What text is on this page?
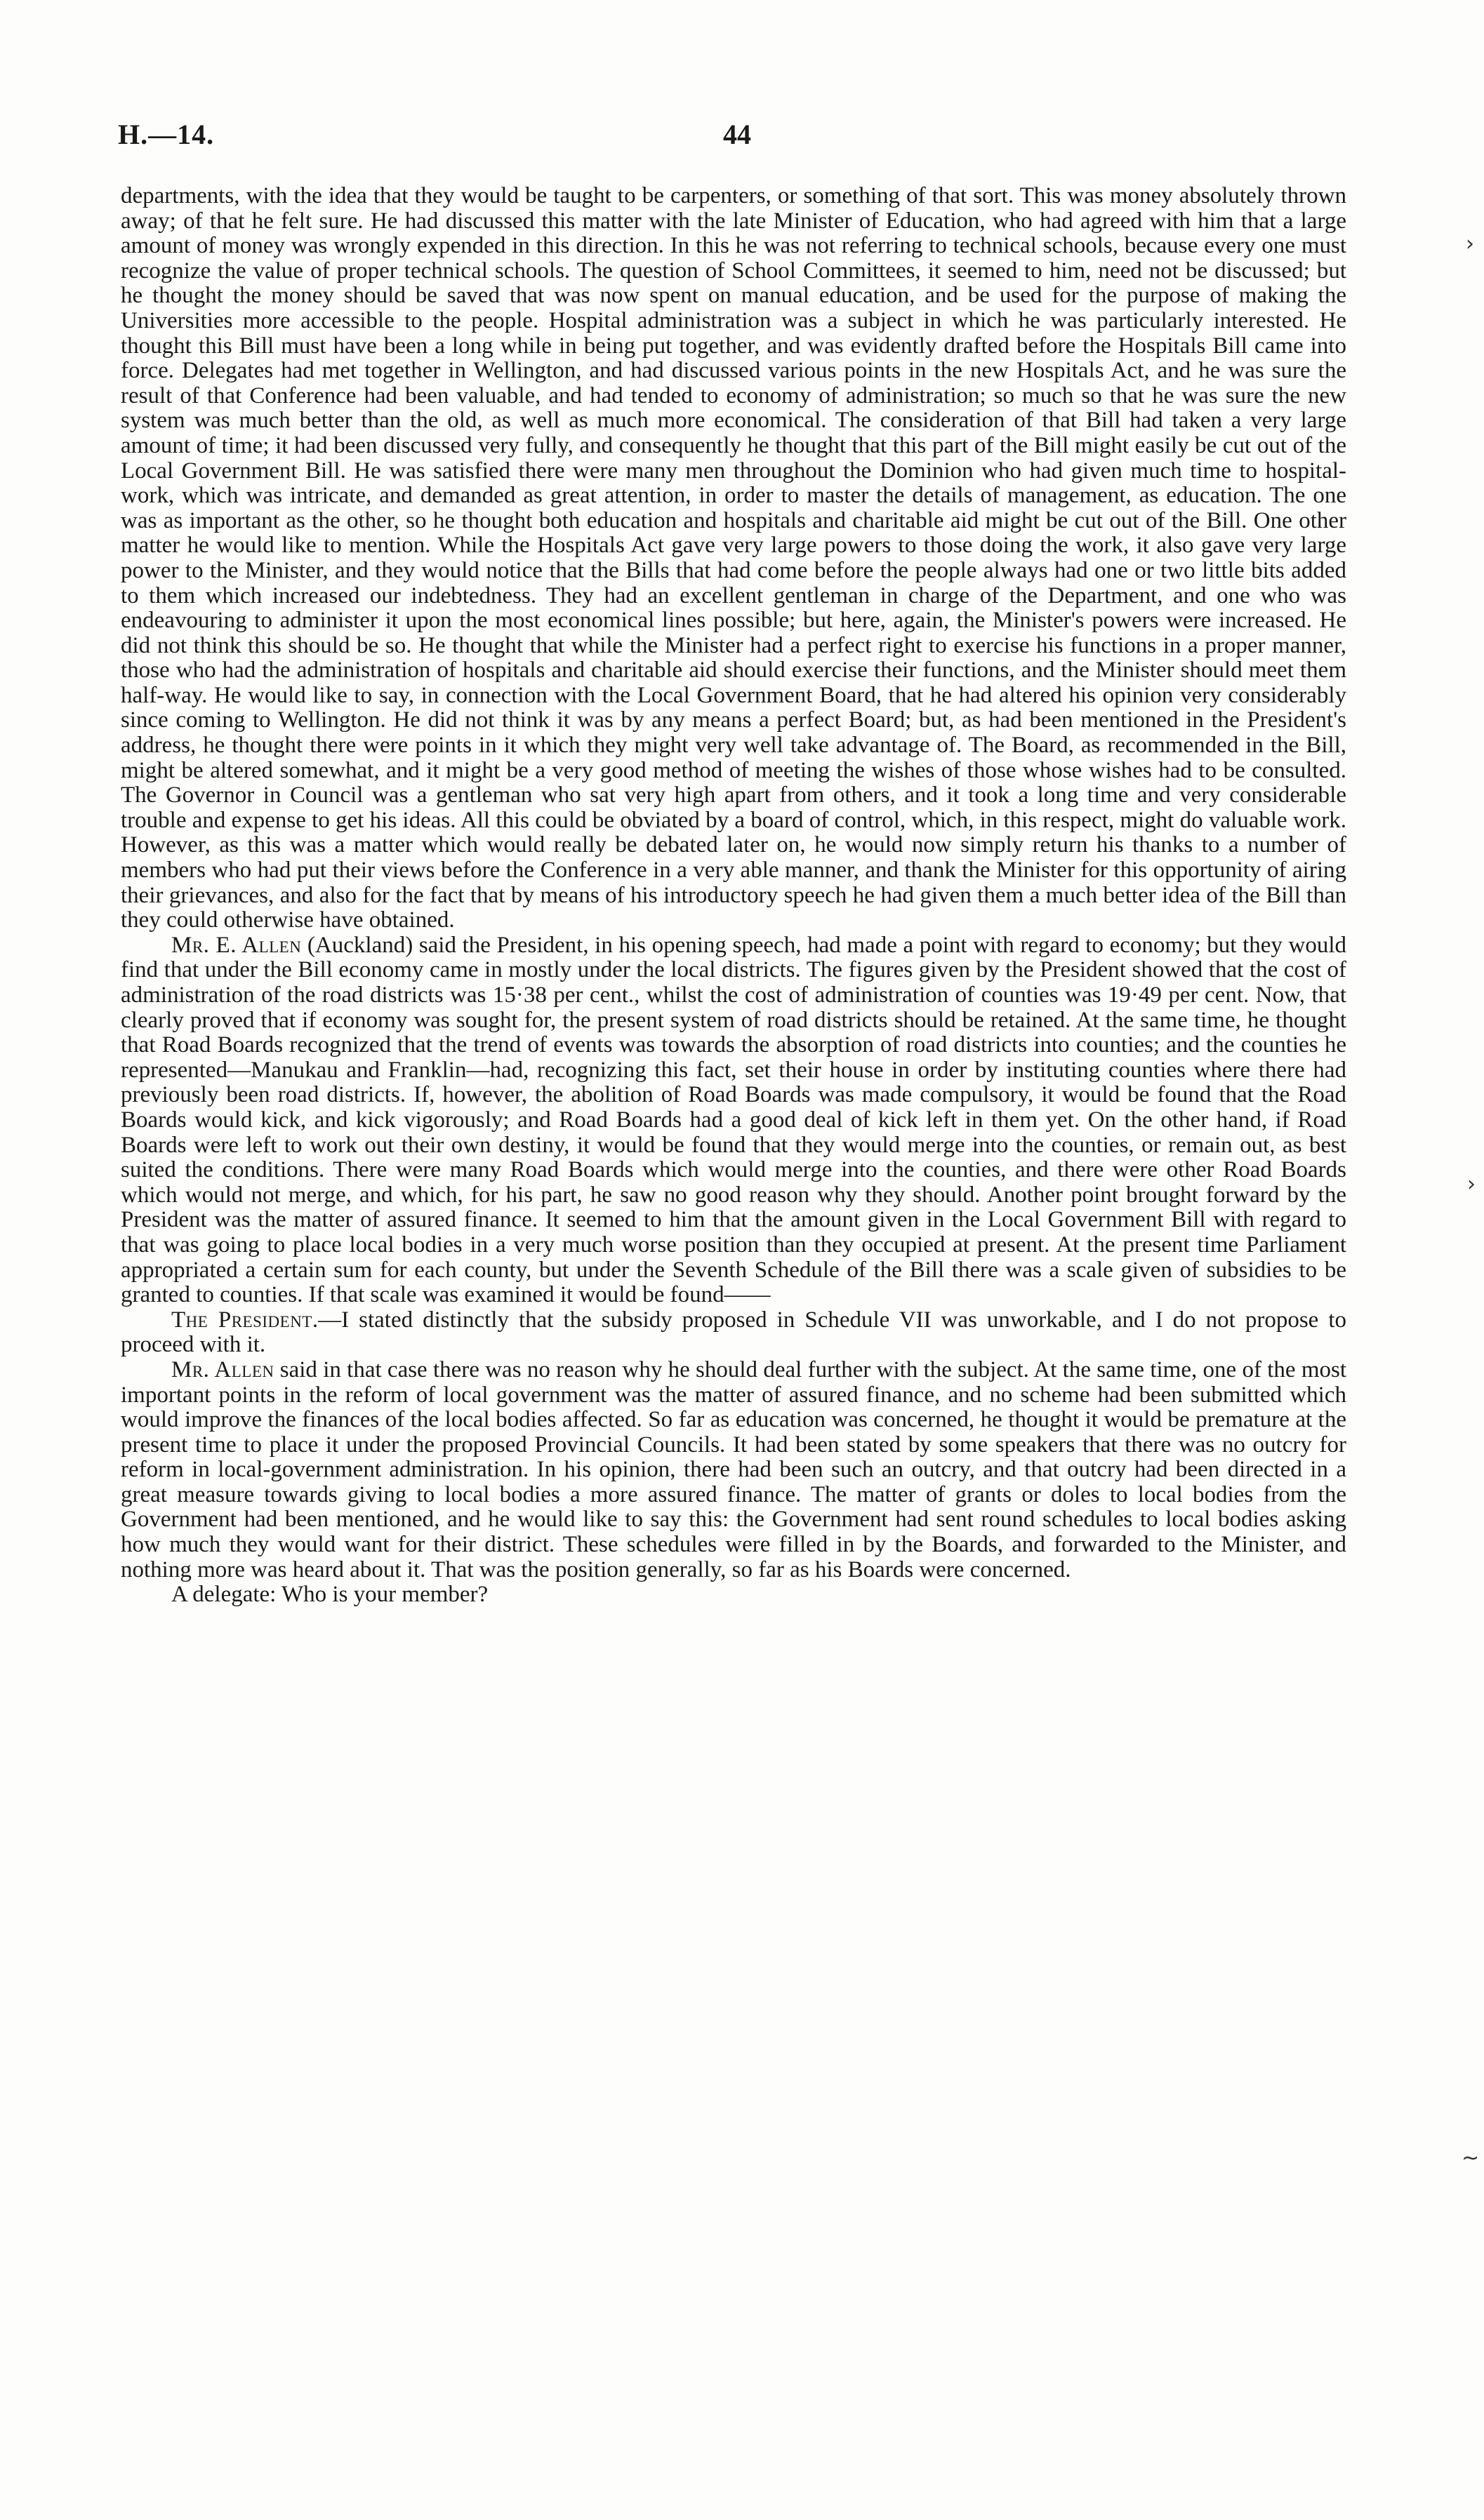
H.—14.	44

departments, with the idea that they would be taught to be carpenters, or something of that sort. This was money absolutely thrown away; of that he felt sure. He had discussed this matter with the late Minister of Education, who had agreed with him that a large amount of money was wrongly expended in this direction. In this he was not referring to technical schools, because every one must recognize the value of proper technical schools. The question of School Committees, it seemed to him, need not be discussed; but he thought the money should be saved that was now spent on manual education, and be used for the purpose of making the Universities more accessible to the people. Hospital administration was a subject in which he was particularly interested. He thought this Bill must have been a long while in being put together, and was evidently drafted before the Hospitals Bill came into force. Delegates had met together in Wellington, and had discussed various points in the new Hospitals Act, and he was sure the result of that Conference had been valuable, and had tended to economy of administration; so much so that he was sure the new system was much better than the old, as well as much more economical. The consideration of that Bill had taken a very large amount of time; it had been discussed very fully, and consequently he thought that this part of the Bill might easily be cut out of the Local Government Bill. He was satisfied there were many men throughout the Dominion who had given much time to hospital-work, which was intricate, and demanded as great attention, in order to master the details of management, as education. The one was as important as the other, so he thought both education and hospitals and charitable aid might be cut out of the Bill. One other matter he would like to mention. While the Hospitals Act gave very large powers to those doing the work, it also gave very large power to the Minister, and they would notice that the Bills that had come before the people always had one or two little bits added to them which increased our indebtedness. They had an excellent gentleman in charge of the Department, and one who was endeavouring to administer it upon the most economical lines possible; but here, again, the Minister's powers were increased. He did not think this should be so. He thought that while the Minister had a perfect right to exercise his functions in a proper manner, those who had the administration of hospitals and charitable aid should exercise their functions, and the Minister should meet them half-way. He would like to say, in connection with the Local Government Board, that he had altered his opinion very considerably since coming to Wellington. He did not think it was by any means a perfect Board; but, as had been mentioned in the President's address, he thought there were points in it which they might very well take advantage of. The Board, as recommended in the Bill, might be altered somewhat, and it might be a very good method of meeting the wishes of those whose wishes had to be consulted. The Governor in Council was a gentleman who sat very high apart from others, and it took a long time and very considerable trouble and expense to get his ideas. All this could be obviated by a board of control, which, in this respect, might do valuable work. However, as this was a matter which would really be debated later on, he would now simply return his thanks to a number of members who had put their views before the Conference in a very able manner, and thank the Minister for this opportunity of airing their grievances, and also for the fact that by means of his introductory speech he had given them a much better idea of the Bill than they could otherwise have obtained.

Mr. E. Allen (Auckland) said the President, in his opening speech, had made a point with regard to economy; but they would find that under the Bill economy came in mostly under the local districts. The figures given by the President showed that the cost of administration of the road districts was 15·38 per cent., whilst the cost of administration of counties was 19·49 per cent. Now, that clearly proved that if economy was sought for, the present system of road districts should be retained. At the same time, he thought that Road Boards recognized that the trend of events was towards the absorption of road districts into counties; and the counties he represented—Manukau and Franklin—had, recognizing this fact, set their house in order by instituting counties where there had previously been road districts. If, however, the abolition of Road Boards was made compulsory, it would be found that the Road Boards would kick, and kick vigorously; and Road Boards had a good deal of kick left in them yet. On the other hand, if Road Boards were left to work out their own destiny, it would be found that they would merge into the counties, or remain out, as best suited the conditions. There were many Road Boards which would merge into the counties, and there were other Road Boards which would not merge, and which, for his part, he saw no good reason why they should. Another point brought forward by the President was the matter of assured finance. It seemed to him that the amount given in the Local Government Bill with regard to that was going to place local bodies in a very much worse position than they occupied at present. At the present time Parliament appropriated a certain sum for each county, but under the Seventh Schedule of the Bill there was a scale given of subsidies to be granted to counties. If that scale was examined it would be found——

The President.—I stated distinctly that the subsidy proposed in Schedule VII was unworkable, and I do not propose to proceed with it.

Mr. Allen said in that case there was no reason why he should deal further with the subject. At the same time, one of the most important points in the reform of local government was the matter of assured finance, and no scheme had been submitted which would improve the finances of the local bodies affected. So far as education was concerned, he thought it would be premature at the present time to place it under the proposed Provincial Councils. It had been stated by some speakers that there was no outcry for reform in local-government administration. In his opinion, there had been such an outcry, and that outcry had been directed in a great measure towards giving to local bodies a more assured finance. The matter of grants or doles to local bodies from the Government had been mentioned, and he would like to say this: the Government had sent round schedules to local bodies asking how much they would want for their district. These schedules were filled in by the Boards, and forwarded to the Minister, and nothing more was heard about it. That was the position generally, so far as his Boards were concerned.

A delegate: Who is your member?

›
›
~
